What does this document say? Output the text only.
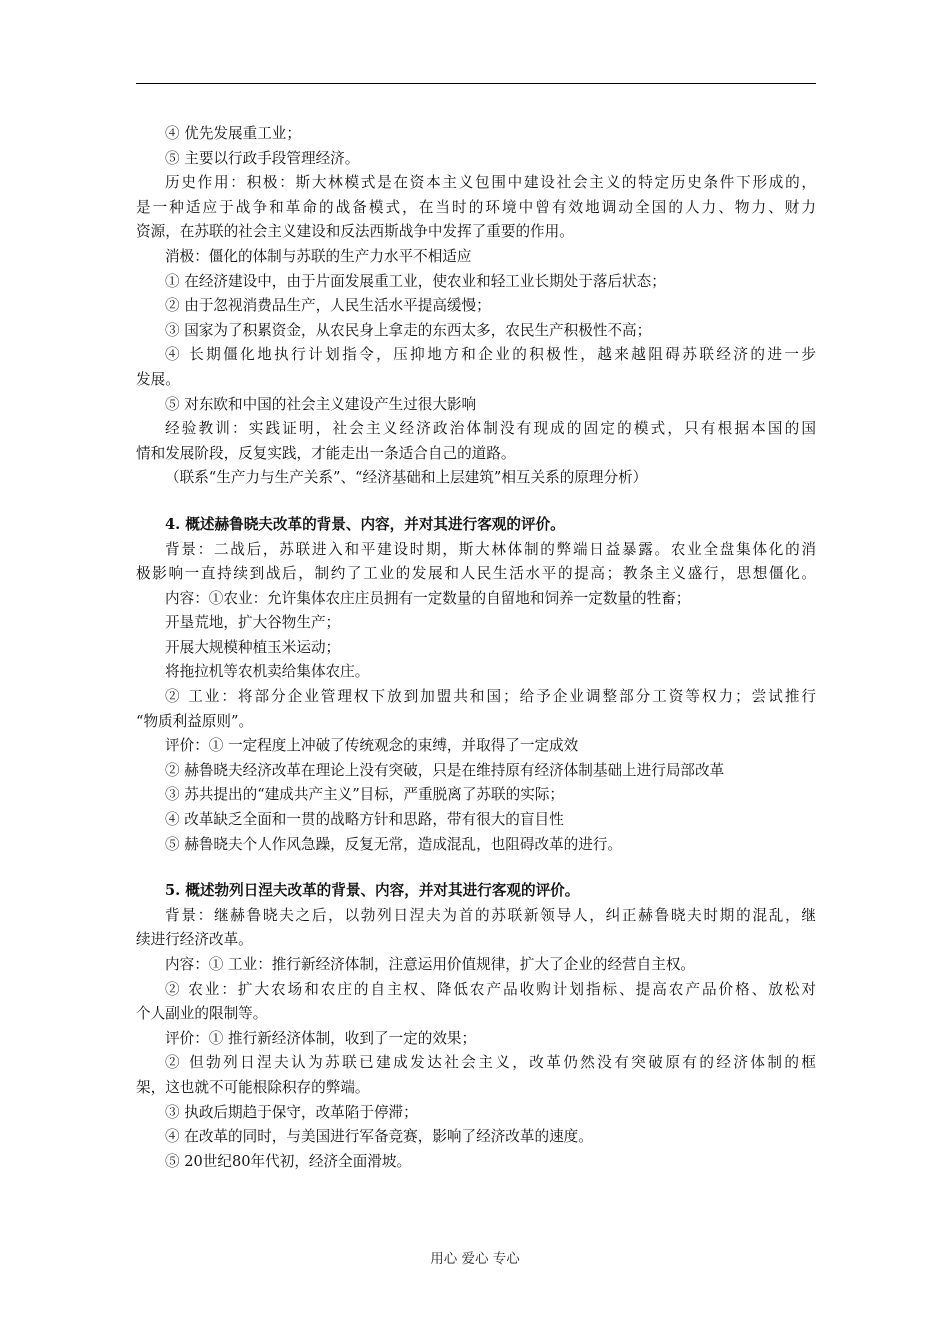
④ 优先发展重工业；

⑤ 主要以行政手段管理经济。

历史作用：积极：斯大林模式是在资本主义包围中建设社会主义的特定历史条件下形成的，

是一种适应于战争和革命的战备模式，在当时的环境中曾有效地调动全国的人力、物力、财力

资源，在苏联的社会主义建设和反法西斯战争中发挥了重要的作用。

消极：僵化的体制与苏联的生产力水平不相适应

① 在经济建设中，由于片面发展重工业，使农业和轻工业长期处于落后状态；

② 由于忽视消费品生产，人民生活水平提高缓慢；

③ 国家为了积累资金，从农民身上拿走的东西太多，农民生产积极性不高；

④ 长期僵化地执行计划指令，压抑地方和企业的积极性，越来越阻碍苏联经济的进一步

发展。

⑤ 对东欧和中国的社会主义建设产生过很大影响

经验教训：实践证明，社会主义经济政治体制没有现成的固定的模式，只有根据本国的国

情和发展阶段，反复实践，才能走出一条适合自己的道路。

（联系“生产力与生产关系”、“经济基础和上层建筑”相互关系的原理分析）

4. 概述赫鲁晓夫改革的背景、内容，并对其进行客观的评价。

背景：二战后，苏联进入和平建设时期，斯大林体制的弊端日益暴露。农业全盘集体化的消

极影响一直持续到战后，制约了工业的发展和人民生活水平的提高；教条主义盛行，思想僵化。

内容：①农业：允许集体农庄庄员拥有一定数量的自留地和饲养一定数量的牲畜；

开垦荒地，扩大谷物生产；

开展大规模种植玉米运动；

将拖拉机等农机卖给集体农庄。

② 工业：将部分企业管理权下放到加盟共和国；给予企业调整部分工资等权力；尝试推行

“物质利益原则”。

评价：① 一定程度上冲破了传统观念的束缚，并取得了一定成效

② 赫鲁晓夫经济改革在理论上没有突破，只是在维持原有经济体制基础上进行局部改革

③ 苏共提出的“建成共产主义”目标，严重脱离了苏联的实际；

④ 改革缺乏全面和一贯的战略方针和思路，带有很大的盲目性

⑤ 赫鲁晓夫个人作风急躁，反复无常，造成混乱，也阻碍改革的进行。

5. 概述勃列日涅夫改革的背景、内容，并对其进行客观的评价。

背景：继赫鲁晓夫之后，以勃列日涅夫为首的苏联新领导人，纠正赫鲁晓夫时期的混乱，继

续进行经济改革。

内容：① 工业：推行新经济体制，注意运用价值规律，扩大了企业的经营自主权。

② 农业：扩大农场和农庄的自主权、降低农产品收购计划指标、提高农产品价格、放松对

个人副业的限制等。

评价：① 推行新经济体制，收到了一定的效果；

② 但勃列日涅夫认为苏联已建成发达社会主义，改革仍然没有突破原有的经济体制的框

架，这也就不可能根除积存的弊端。

③ 执政后期趋于保守，改革陷于停滞；

④ 在改革的同时，与美国进行军备竞赛，影响了经济改革的速度。

⑤ 20世纪80年代初，经济全面滑坡。

用心 爱心 专心
